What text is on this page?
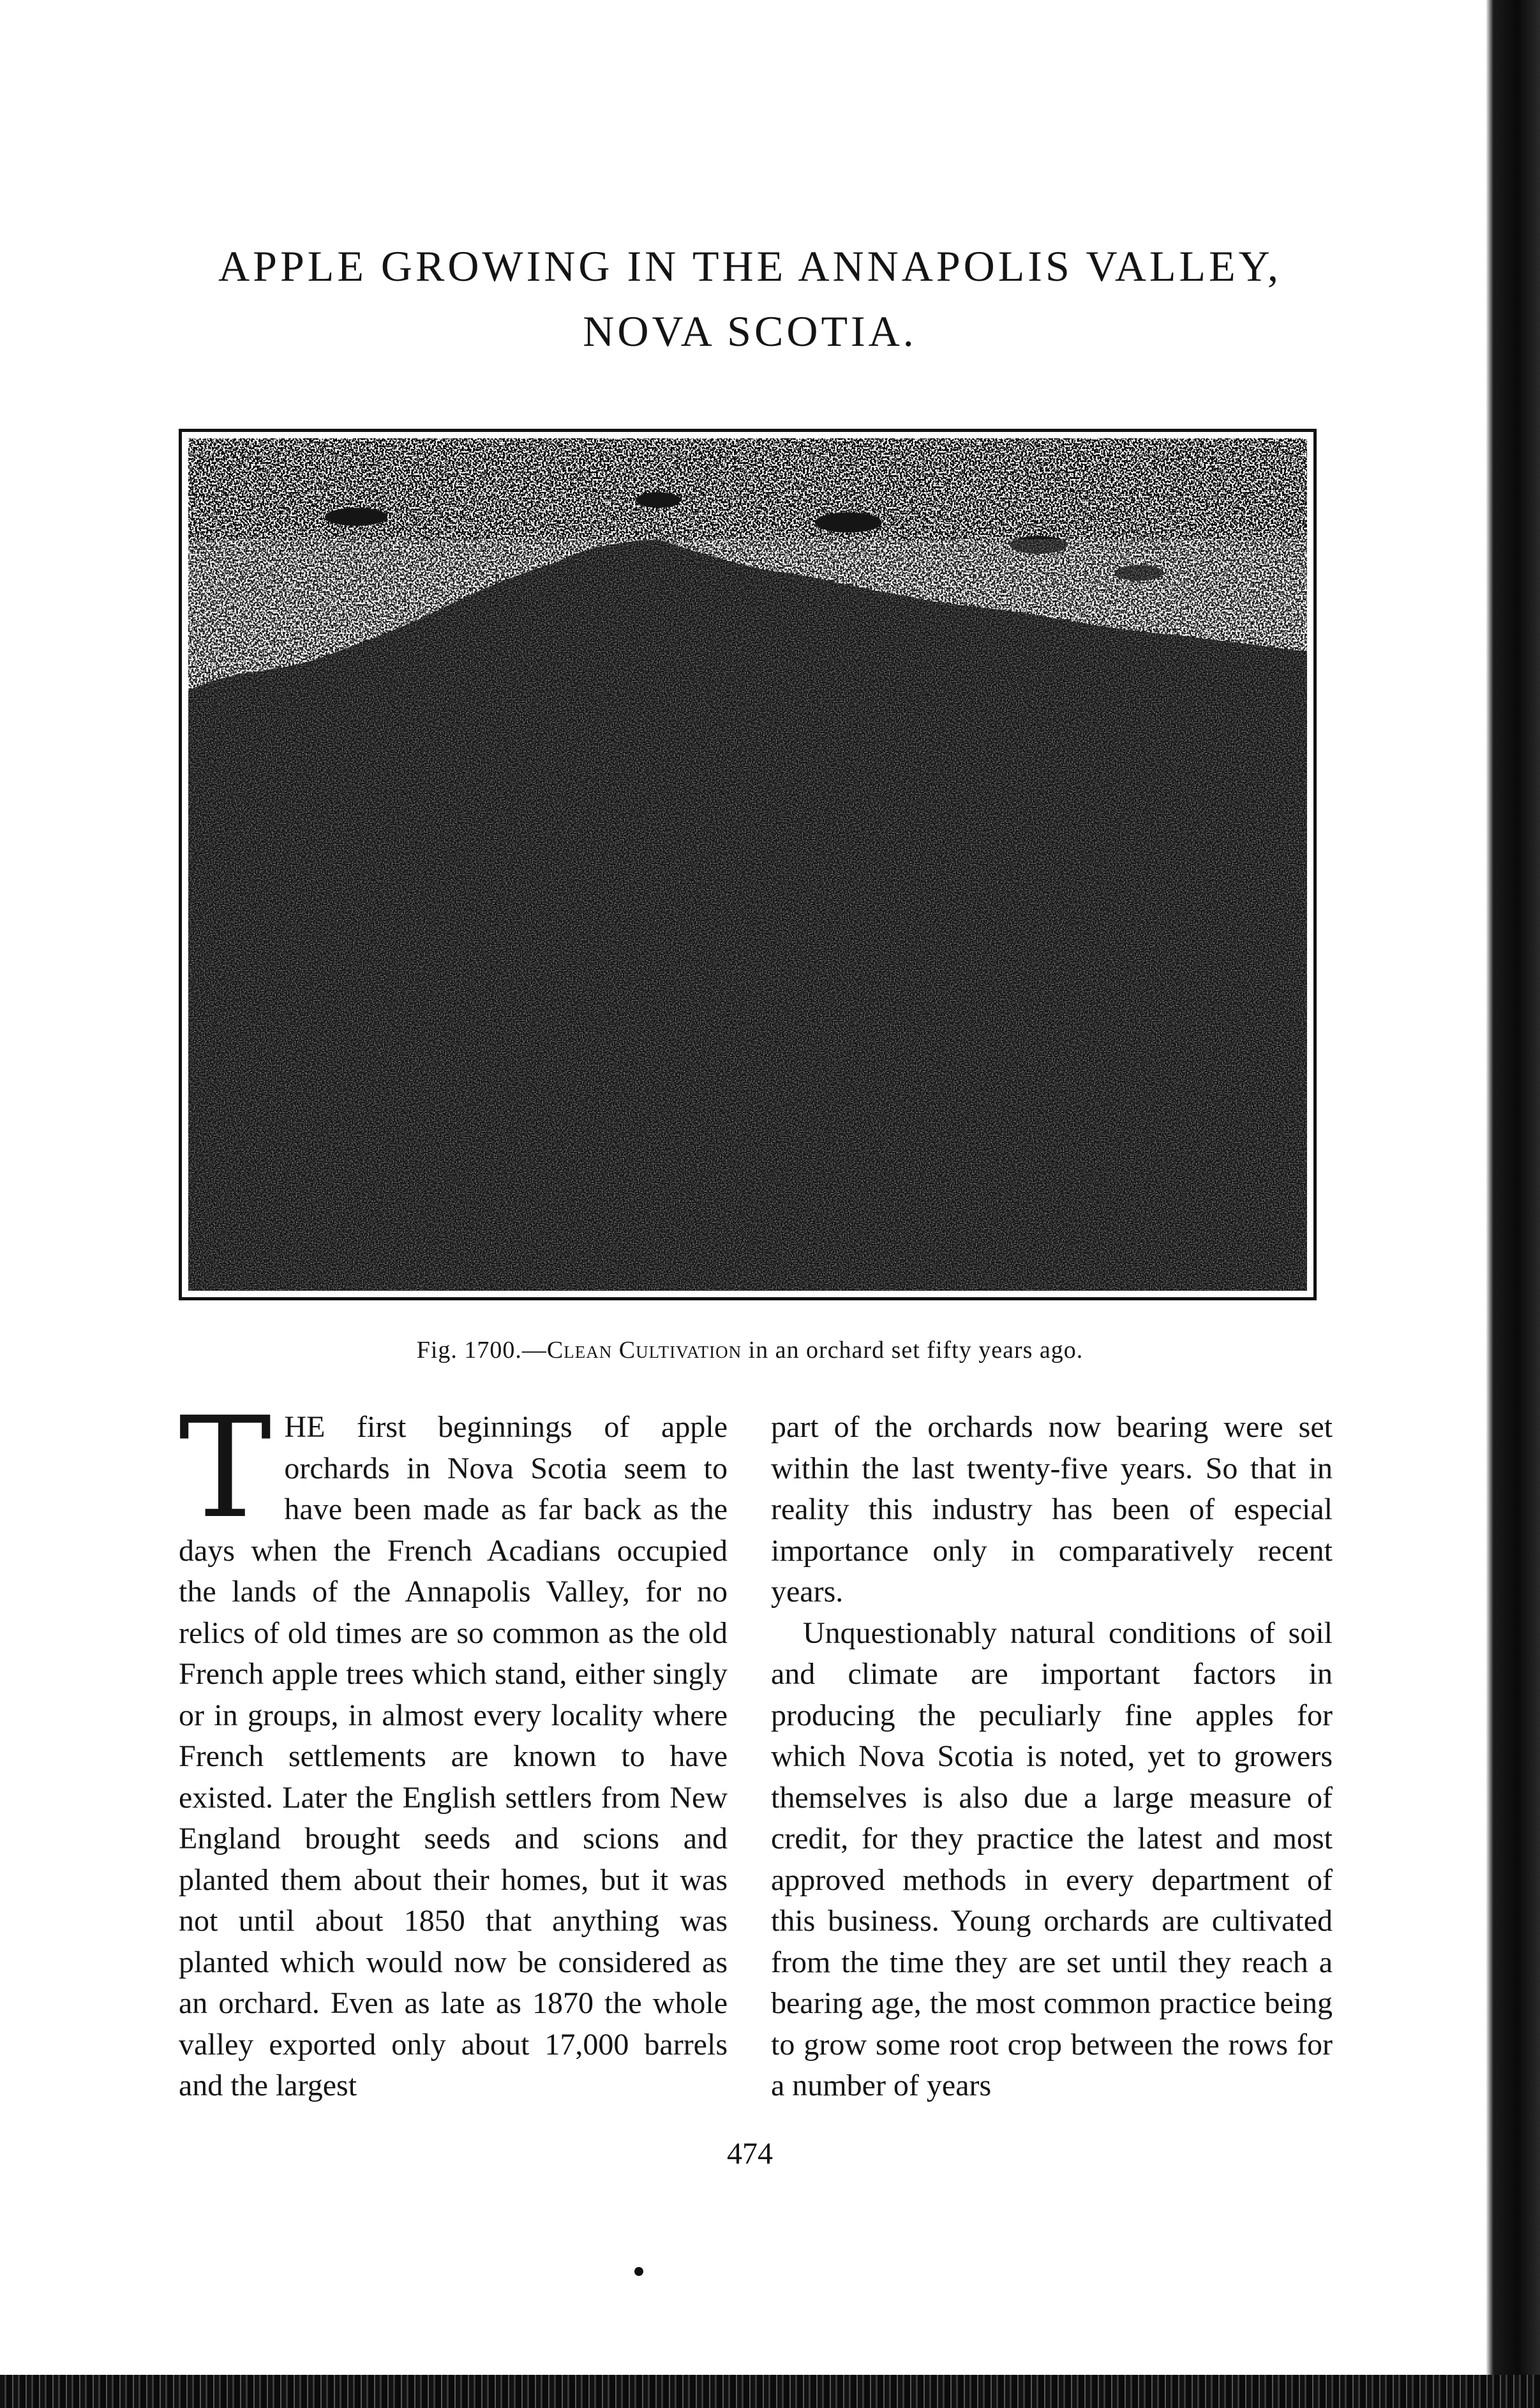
APPLE GROWING IN THE ANNAPOLIS VALLEY,
NOVA SCOTIA.
Fig. 1700.—Clean Cultivation in an orchard set fifty years ago.

THE first beginnings of apple orchards in Nova Scotia seem to have been made as far back as the days when the French Acadians occupied the lands of the Annapolis Valley, for no relics of old times are so common as the old French apple trees which stand, either singly or in groups, in almost every locality where French settlements are known to have existed. Later the English settlers from New England brought seeds and scions and planted them about their homes, but it was not until about 1850 that anything was planted which would now be considered as an orchard. Even as late as 1870 the whole valley exported only about 17,000 barrels and the largest

part of the orchards now bearing were set within the last twenty-five years. So that in reality this industry has been of especial importance only in comparatively recent years.

Unquestionably natural conditions of soil and climate are important factors in producing the peculiarly fine apples for which Nova Scotia is noted, yet to growers themselves is also due a large measure of credit, for they practice the latest and most approved methods in every department of this business. Young orchards are cultivated from the time they are set until they reach a bearing age, the most common practice being to grow some root crop between the rows for a number of years

474
